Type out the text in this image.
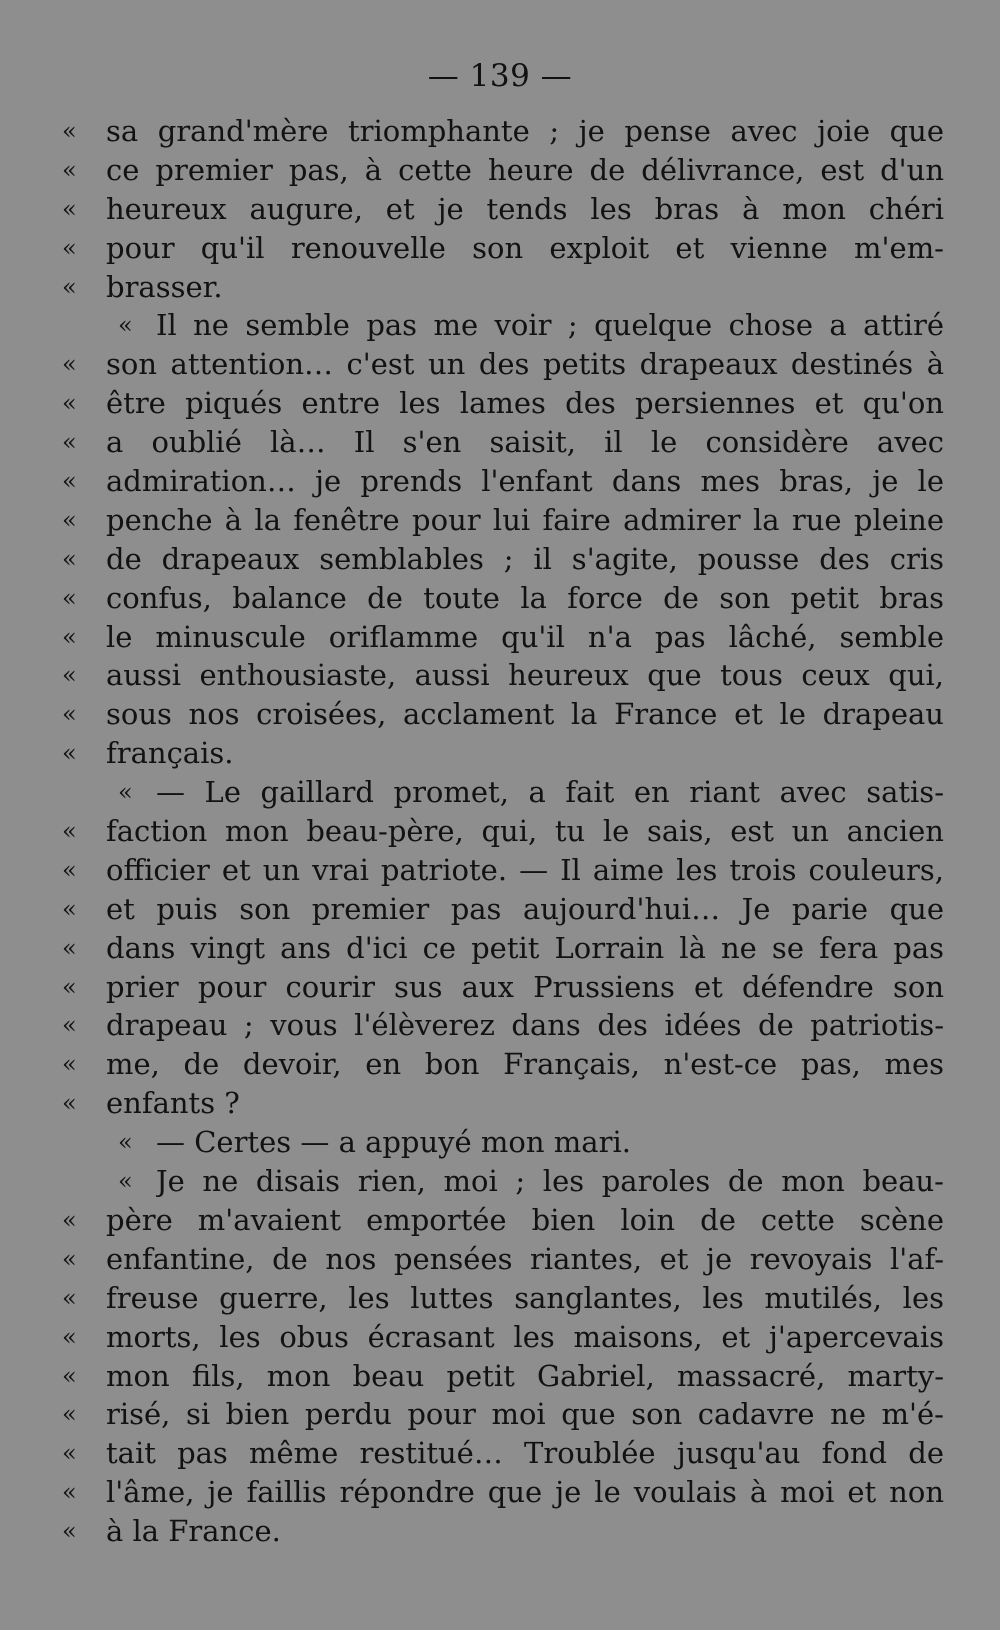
— 139 —
«	sa grand'mère triomphante ; je pense avec joie que
«	ce premier pas, à cette heure de délivrance, est d'un
«	heureux augure, et je tends les bras à mon chéri
«	pour qu'il renouvelle son exploit et vienne m'em-
«	brasser.
« Il ne semble pas me voir ; quelque chose a attiré
«	son attention… c'est un des petits drapeaux destinés à
«	être piqués entre les lames des persiennes et qu'on
«	a oublié là… Il s'en saisit, il le considère avec
«	admiration… je prends l'enfant dans mes bras, je le
«	penche à la fenêtre pour lui faire admirer la rue pleine
«	de drapeaux semblables ; il s'agite, pousse des cris
«	confus, balance de toute la force de son petit bras
«	le minuscule oriflamme qu'il n'a pas lâché, semble
«	aussi enthousiaste, aussi heureux que tous ceux qui,
«	sous nos croisées, acclament la France et le drapeau
«	français.
« — Le gaillard promet, a fait en riant avec satis-
«	faction mon beau-père, qui, tu le sais, est un ancien
«	officier et un vrai patriote. — Il aime les trois couleurs,
«	et puis son premier pas aujourd'hui… Je parie que
«	dans vingt ans d'ici ce petit Lorrain là ne se fera pas
«	prier pour courir sus aux Prussiens et défendre son
«	drapeau ; vous l'élèverez dans des idées de patriotis-
«	me, de devoir, en bon Français, n'est-ce pas, mes
«	enfants ?
« — Certes — a appuyé mon mari.
« Je ne disais rien, moi ; les paroles de mon beau-
«	père m'avaient emportée bien loin de cette scène
«	enfantine, de nos pensées riantes, et je revoyais l'af-
«	freuse guerre, les luttes sanglantes, les mutilés, les
«	morts, les obus écrasant les maisons, et j'apercevais
«	mon fils, mon beau petit Gabriel, massacré, marty-
«	risé, si bien perdu pour moi que son cadavre ne m'é-
«	tait pas même restitué… Troublée jusqu'au fond de
«	l'âme, je faillis répondre que je le voulais à moi et non
«	à la France.
